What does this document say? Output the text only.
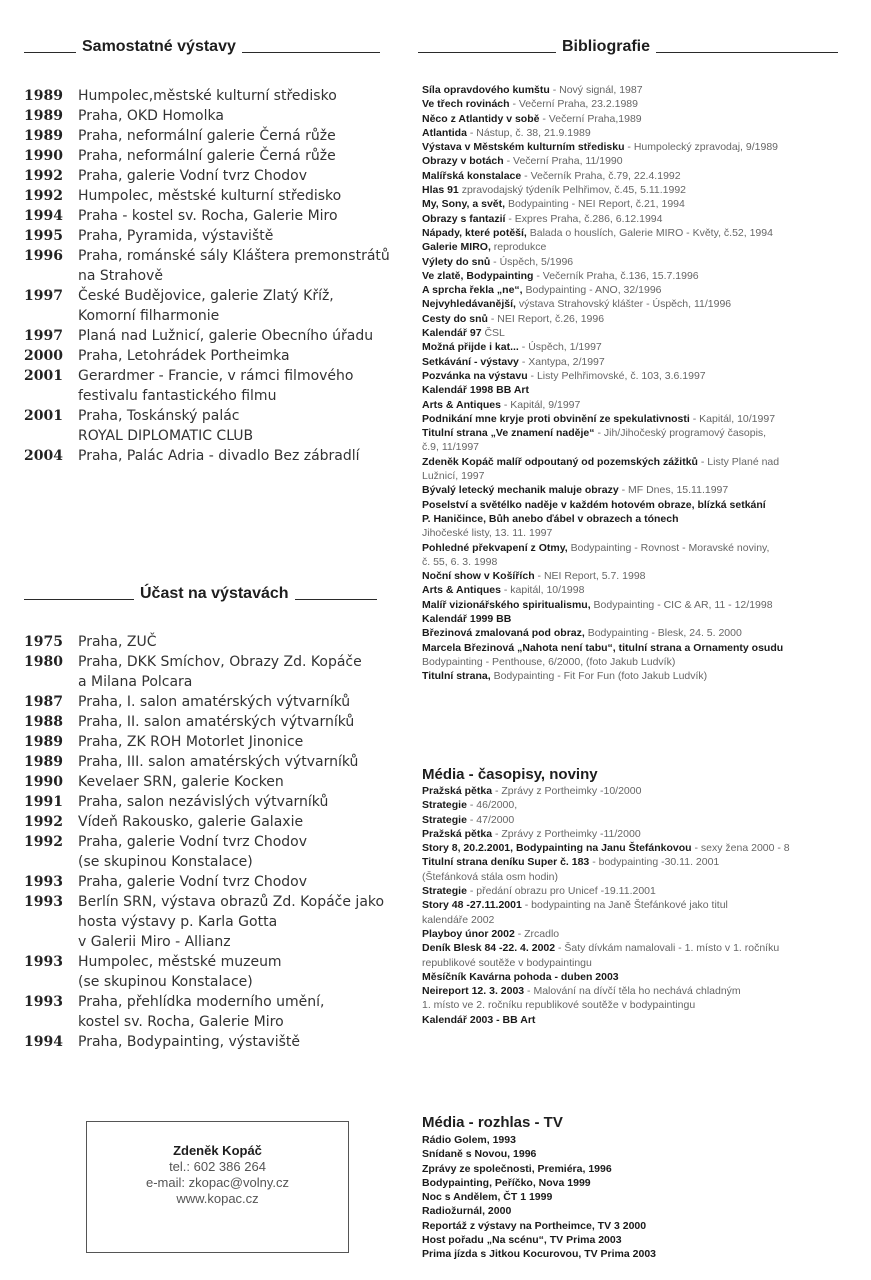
Samostatné výstavy
1989	Humpolec,městské kulturní středisko
1989	Praha, OKD Homolka
1989	Praha, neformální galerie Černá růže
1990	Praha, neformální galerie Černá růže
1992	Praha, galerie Vodní tvrz Chodov
1992	Humpolec, městské kulturní středisko
1994	Praha - kostel sv. Rocha, Galerie Miro
1995	Praha, Pyramida, výstaviště
1996	Praha, románské sály Kláštera premonstrátů
na Strahově
1997	České Budějovice, galerie Zlatý Kříž,
Komorní filharmonie
1997	Planá nad Lužnicí, galerie Obecního úřadu
2000	Praha, Letohrádek Portheimka
2001	Gerardmer - Francie, v rámci filmového
festivalu fantastického filmu
2001	Praha, Toskánský palác
ROYAL DIPLOMATIC CLUB
2004	Praha, Palác Adria - divadlo Bez zábradlí
Účast na výstavách
1975	Praha, ZUČ
1980	Praha, DKK Smíchov, Obrazy Zd. Kopáče
a Milana Polcara
1987	Praha, I. salon amatérských výtvarníků
1988	Praha, II. salon amatérských výtvarníků
1989	Praha, ZK ROH Motorlet Jinonice
1989	Praha, III. salon amatérských výtvarníků
1990	Kevelaer SRN, galerie Kocken
1991	Praha, salon nezávislých výtvarníků
1992	Vídeň Rakousko, galerie Galaxie
1992	Praha, galerie Vodní tvrz Chodov
(se skupinou Konstalace)
1993	Praha, galerie Vodní tvrz Chodov
1993	Berlín SRN, výstava obrazů Zd. Kopáče jako
hosta výstavy p. Karla Gotta
v Galerii Miro - Allianz
1993	Humpolec, městské muzeum
(se skupinou Konstalace)
1993	Praha, přehlídka moderního umění,
kostel sv. Rocha, Galerie Miro
1994	Praha, Bodypainting, výstaviště
Zdeněk Kopáč
tel.: 602 386 264
e-mail: zkopac@volny.cz
www.kopac.cz
Bibliografie
Síla opravdového kumštu - Nový signál, 1987
Ve třech rovinách - Večerní Praha, 23.2.1989
Něco z Atlantidy v sobě - Večerní Praha,1989
Atlantida - Nástup, č. 38, 21.9.1989
Výstava v Městském kulturním středisku - Humpolecký zpravodaj, 9/1989
Obrazy v botách - Večerní Praha, 11/1990
Malířská konstalace - Večerník Praha, č.79, 22.4.1992
Hlas 91 zpravodajský týdeník Pelhřimov, č.45, 5.11.1992
My, Sony, a svět, Bodypainting - NEI Report, č.21, 1994
Obrazy s fantazií - Expres Praha, č.286, 6.12.1994
Nápady, které potěší, Balada o houslích, Galerie MIRO - Květy, č.52, 1994
Galerie MIRO, reprodukce
Výlety do snů - Úspěch, 5/1996
Ve zlatě, Bodypainting - Večerník Praha, č.136, 15.7.1996
A sprcha řekla „ne“, Bodypainting - ANO, 32/1996
Nejvyhledávanější, výstava Strahovský klášter - Úspěch, 11/1996
Cesty do snů - NEI Report, č.26, 1996
Kalendář 97 ČSL
Možná přijde i kat... - Úspěch, 1/1997
Setkávání - výstavy - Xantypa, 2/1997
Pozvánka na výstavu - Listy Pelhřimovské, č. 103, 3.6.1997
Kalendář 1998 BB Art
Arts & Antiques - Kapitál, 9/1997
Podnikání mne kryje proti obvinění ze spekulativnosti - Kapitál, 10/1997
Titulní strana „Ve znamení naděje“ - Jih/Jihočeský programový časopis,
č.9, 11/1997
Zdeněk Kopáč malíř odpoutaný od pozemských zážitků - Listy Plané nad
Lužnicí, 1997
Bývalý letecký mechanik maluje obrazy - MF Dnes, 15.11.1997
Poselství a světélko naděje v každém hotovém obraze, blízká setkání
P. Haničince, Bůh anebo ďábel v obrazech a tónech
Jihočeské listy, 13. 11. 1997
Pohledné překvapení z Otmy, Bodypainting - Rovnost - Moravské noviny,
č. 55, 6. 3. 1998
Noční show v Košířích - NEI Report, 5.7. 1998
Arts & Antiques - kapitál, 10/1998
Malíř vizionářského spiritualismu, Bodypainting - CIC & AR, 11 - 12/1998
Kalendář 1999 BB
Březinová zmalovaná pod obraz, Bodypainting - Blesk, 24. 5. 2000
Marcela Březinová „Nahota není tabu“, titulní strana a Ornamenty osudu
Bodypainting - Penthouse, 6/2000, (foto Jakub Ludvík)
Titulní strana, Bodypainting - Fit For Fun (foto Jakub Ludvík)
Média - časopisy, noviny
Pražská pětka - Zprávy z Portheimky -10/2000
Strategie - 46/2000,
Strategie - 47/2000
Pražská pětka - Zprávy z Portheimky -11/2000
Story 8, 20.2.2001, Bodypainting na Janu Štefánkovou - sexy žena 2000 - 8
Titulní strana deníku Super č. 183 - bodypainting -30.11. 2001
(Štefánková stála osm hodin)
Strategie - předání obrazu pro Unicef -19.11.2001
Story 48 -27.11.2001 - bodypainting na Janě Štefánkové jako titul
kalendáře 2002
Playboy únor 2002 - Zrcadlo
Deník Blesk 84 -22. 4. 2002 - Šaty dívkám namalovali - 1. místo v 1. ročníku
republikové soutěže v bodypaintingu
Měsíčník Kavárna pohoda - duben 2003
Neireport 12. 3. 2003 - Malování na dívčí těla ho nechává chladným
1. místo ve 2. ročníku republikové soutěže v bodypaintingu
Kalendář 2003 - BB Art
Média - rozhlas - TV
Rádio Golem, 1993
Snídaně s Novou, 1996
Zprávy ze společnosti, Premiéra, 1996
Bodypainting, Peříčko, Nova 1999
Noc s Andělem, ČT 1 1999
Radiožurnál, 2000
Reportáž z výstavy na Portheimce, TV 3 2000
Host pořadu „Na scénu“, TV Prima 2003
Prima jízda s Jitkou Kocurovou, TV Prima 2003
